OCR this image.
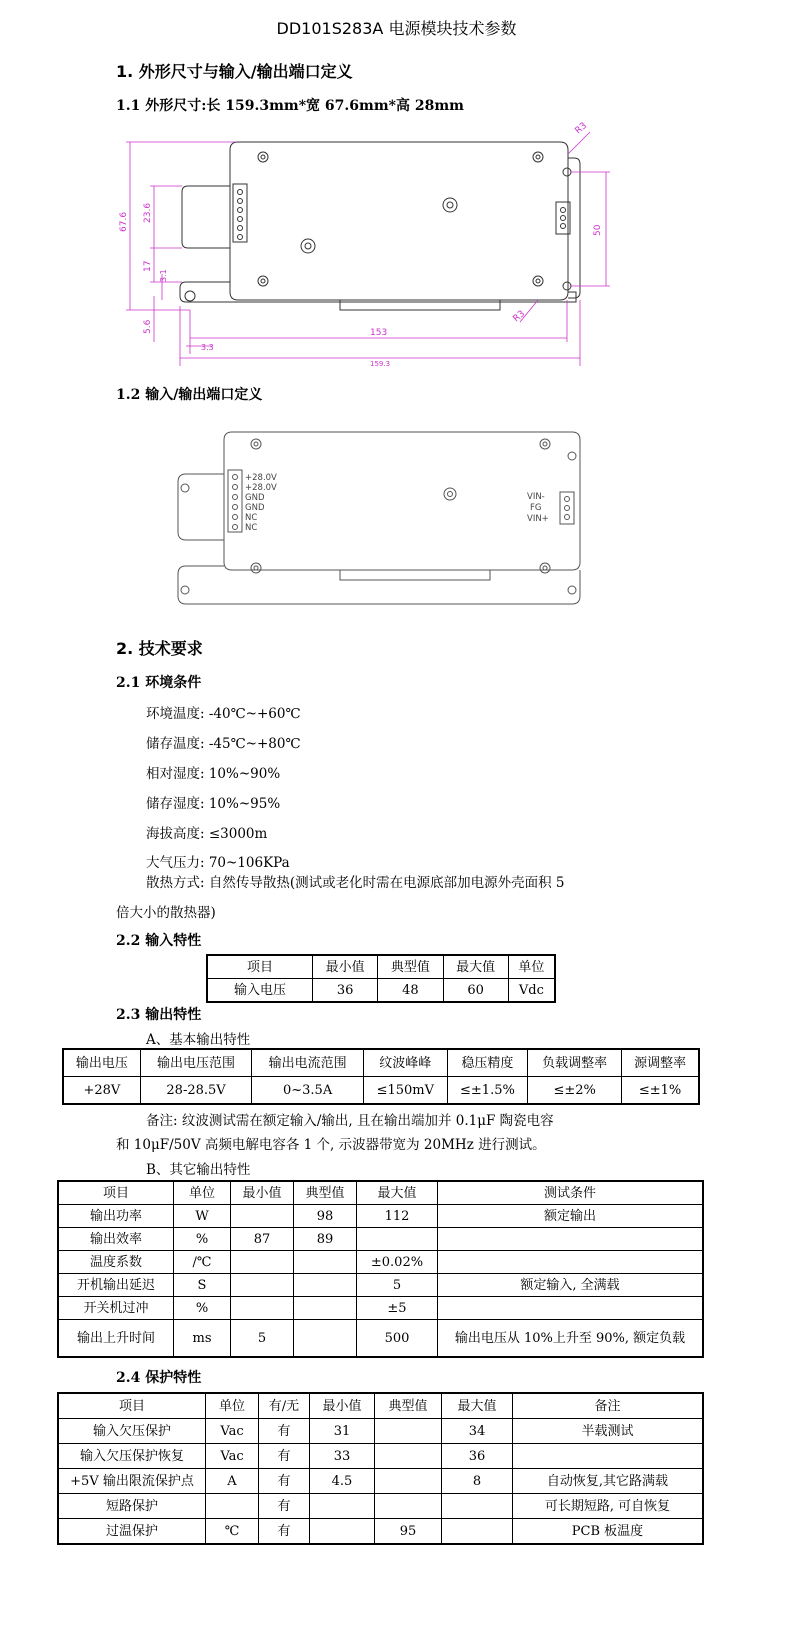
DD101S283A 电源模块技术参数
1. 外形尺寸与输入/输出端口定义
1.1 外形尺寸:长 159.3mm*宽 67.6mm*高 28mm
67.6 23.6
17
3.1
5.6
50
R3
R3
153
3.3
159.3
1.2 输入/输出端口定义
+28.0V
+28.0V
GND
GND
NC
NC
VIN-
FG
VIN+
2. 技术要求
2.1 环境条件
环境温度: -40℃~+60℃
储存温度: -45℃~+80℃
相对湿度: 10%~90%
储存湿度: 10%~95%
海拔高度: ≤3000m
大气压力: 70~106KPa
散热方式: 自然传导散热(测试或老化时需在电源底部加电源外壳面积 5
倍大小的散热器)
2.2 输入特性
项目	最小值	典型值	最大值	单位
输入电压	36	48	60	Vdc
2.3 输出特性
A、基本输出特性
输出电压	输出电压范围	输出电流范围	纹波峰峰	稳压精度	负载调整率	源调整率
+28V	28-28.5V	0~3.5A	≤150mV	≤±1.5%	≤±2%	≤±1%
备注: 纹波测试需在额定输入/输出, 且在输出端加并 0.1μF 陶瓷电容
和 10μF/50V 高频电解电容各 1 个, 示波器带宽为 20MHz 进行测试。
B、其它输出特性
项目	单位	最小值	典型值	最大值	测试条件
输出功率	W		98	112	额定输出
输出效率	%	87	89		
温度系数	/℃			±0.02%	
开机输出延迟	S			5	额定输入, 全满载
开关机过冲	%			±5	
输出上升时间	ms	5		500	输出电压从 10%上升至 90%, 额定负载
2.4 保护特性
项目	单位	有/无	最小值	典型值	最大值	备注
输入欠压保护	Vac	有	31		34	半载测试
输入欠压保护恢复	Vac	有	33		36	
+5V 输出限流保护点	A	有	4.5		8	自动恢复,其它路满载
短路保护		有				可长期短路, 可自恢复
过温保护	℃	有		95		PCB 板温度
